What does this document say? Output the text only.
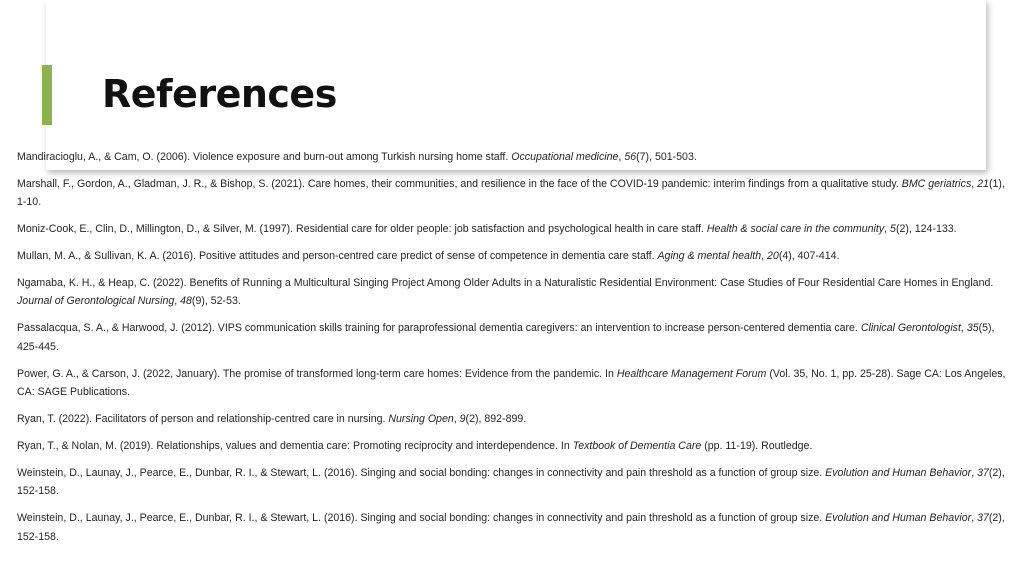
References
Mandiracioglu, A., & Cam, O. (2006). Violence exposure and burn-out among Turkish nursing home staff. Occupational medicine, 56(7), 501-503.
Marshall, F., Gordon, A., Gladman, J. R., & Bishop, S. (2021). Care homes, their communities, and resilience in the face of the COVID-19 pandemic: interim findings from a qualitative study. BMC geriatrics, 21(1), 1-10.
Moniz-Cook, E., Clin, D., Millington, D., & Silver, M. (1997). Residential care for older people: job satisfaction and psychological health in care staff. Health & social care in the community, 5(2), 124-133.
Mullan, M. A., & Sullivan, K. A. (2016). Positive attitudes and person-centred care predict of sense of competence in dementia care staff. Aging & mental health, 20(4), 407-414.
Ngamaba, K. H., & Heap, C. (2022). Benefits of Running a Multicultural Singing Project Among Older Adults in a Naturalistic Residential Environment: Case Studies of Four Residential Care Homes in England. Journal of Gerontological Nursing, 48(9), 52-53.
Passalacqua, S. A., & Harwood, J. (2012). VIPS communication skills training for paraprofessional dementia caregivers: an intervention to increase person-centered dementia care. Clinical Gerontologist, 35(5), 425-445.
Power, G. A., & Carson, J. (2022, January). The promise of transformed long-term care homes: Evidence from the pandemic. In Healthcare Management Forum (Vol. 35, No. 1, pp. 25-28). Sage CA: Los Angeles, CA: SAGE Publications.
Ryan, T. (2022). Facilitators of person and relationship-centred care in nursing. Nursing Open, 9(2), 892-899.
Ryan, T., & Nolan, M. (2019). Relationships, values and dementia care: Promoting reciprocity and interdependence. In Textbook of Dementia Care (pp. 11-19). Routledge.
Weinstein, D., Launay, J., Pearce, E., Dunbar, R. I., & Stewart, L. (2016). Singing and social bonding: changes in connectivity and pain threshold as a function of group size. Evolution and Human Behavior, 37(2), 152-158.
Weinstein, D., Launay, J., Pearce, E., Dunbar, R. I., & Stewart, L. (2016). Singing and social bonding: changes in connectivity and pain threshold as a function of group size. Evolution and Human Behavior, 37(2), 152-158.
